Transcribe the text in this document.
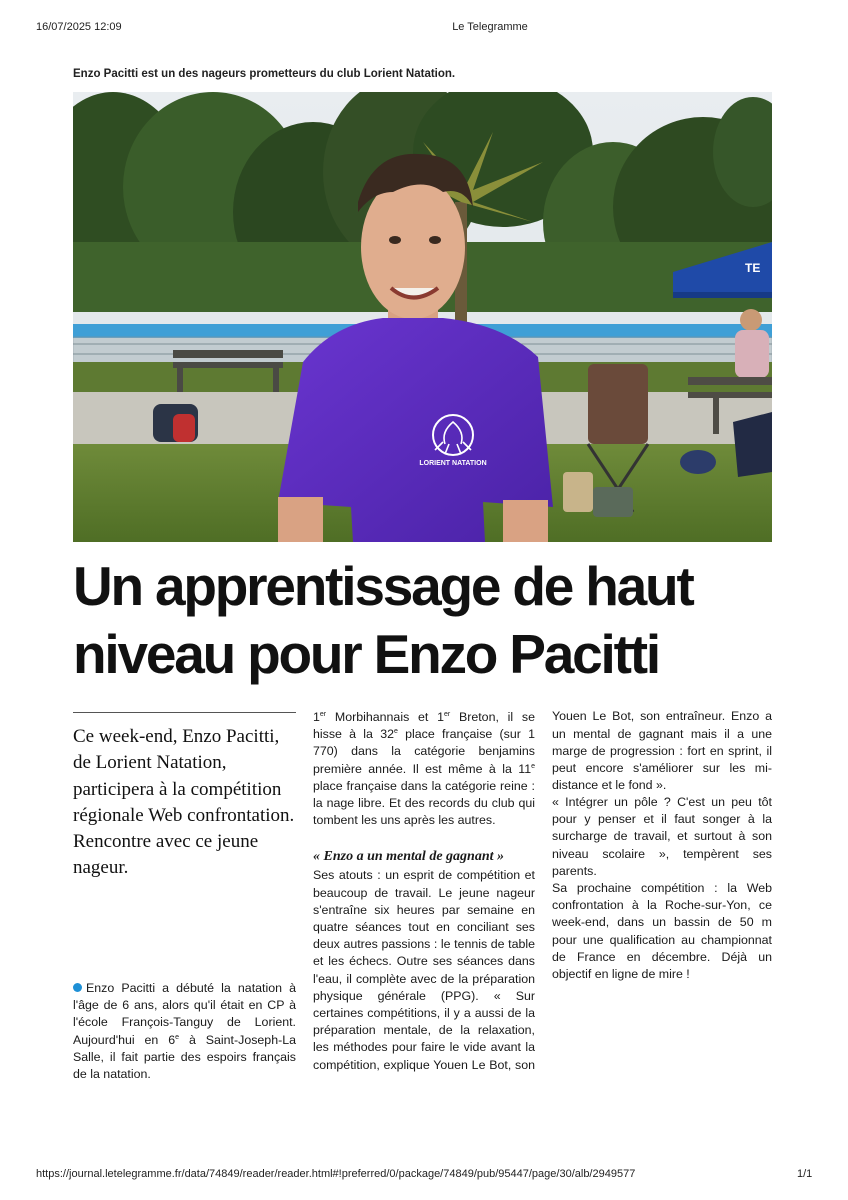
16/07/2025 12:09	Le Telegramme
Enzo Pacitti est un des nageurs prometteurs du club Lorient Natation.
TE
LORIENT NATATION
Un apprentissage de haut niveau pour Enzo Pacitti

Ce week-end, Enzo Pacitti, de Lorient Natation, participera à la compétition régionale Web confrontation. Rencontre avec ce jeune nageur.

Enzo Pacitti a débuté la natation à l'âge de 6 ans, alors qu'il était en CP à l'école François-Tanguy de Lorient. Aujourd'hui en 6e à Saint-Joseph-La Salle, il fait partie des espoirs français de la natation.

1er Morbihannais et 1er Breton, il se hisse à la 32e place française (sur 1 770) dans la catégorie benjamins première année. Il est même à la 11e place française dans la catégorie reine : la nage libre. Et des records du club qui tombent les uns après les autres.

« Enzo a un mental de gagnant »

Ses atouts : un esprit de compétition et beaucoup de travail. Le jeune nageur s'entraîne six heures par semaine en quatre séances tout en conciliant ses deux autres passions : le tennis de table et les échecs. Outre ses séances dans l'eau, il complète avec de la préparation physique générale (PPG). « Sur certaines compétitions, il y a aussi de la préparation mentale, de la relaxation, les méthodes pour faire le vide avant la compétition, explique Youen Le Bot, son

Youen Le Bot, son entraîneur. Enzo a un mental de gagnant mais il a une marge de progression : fort en sprint, il peut encore s'améliorer sur les mi-distance et le fond ».

« Intégrer un pôle ? C'est un peu tôt pour y penser et il faut songer à la surcharge de travail, et surtout à son niveau scolaire », tempèrent ses parents.

Sa prochaine compétition : la Web confrontation à la Roche-sur-Yon, ce week-end, dans un bassin de 50 m pour une qualification au championnat de France en décembre. Déjà un objectif en ligne de mire !

https://journal.letelegramme.fr/data/74849/reader/reader.html#!preferred/0/package/74849/pub/95447/page/30/alb/2949577	1/1
